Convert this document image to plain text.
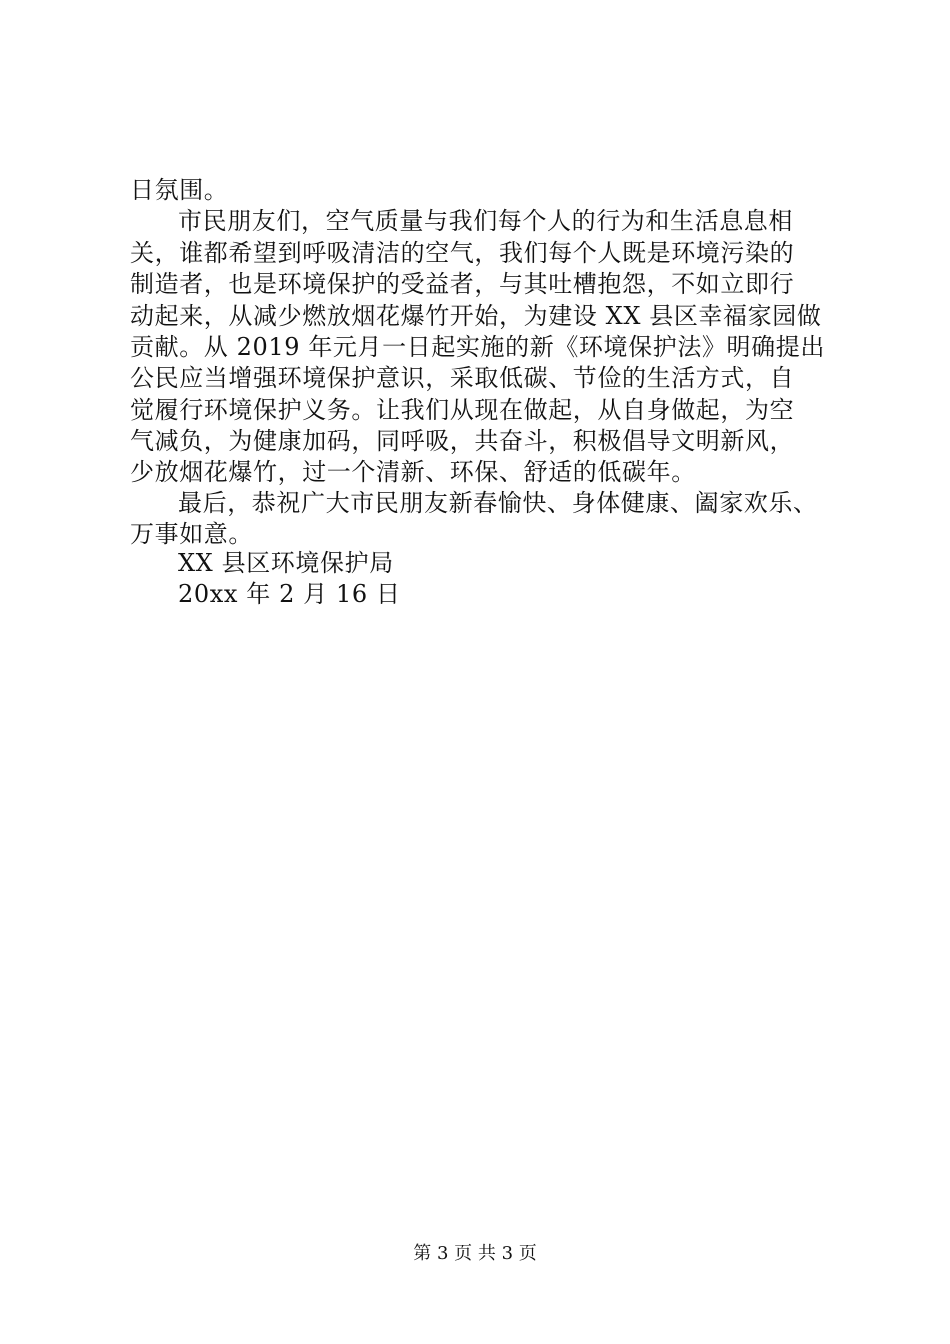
日氛围。
市民朋友们，空气质量与我们每个人的行为和生活息息相
关，谁都希望到呼吸清洁的空气，我们每个人既是环境污染的
制造者，也是环境保护的受益者，与其吐槽抱怨，不如立即行
动起来，从减少燃放烟花爆竹开始，为建设 XX 县区幸福家园做
贡献。从 2019 年元月一日起实施的新《环境保护法》明确提出
公民应当增强环境保护意识，采取低碳、节俭的生活方式，自
觉履行环境保护义务。让我们从现在做起，从自身做起，为空
气减负，为健康加码，同呼吸，共奋斗，积极倡导文明新风，
少放烟花爆竹，过一个清新、环保、舒适的低碳年。
最后，恭祝广大市民朋友新春愉快、身体健康、阖家欢乐、
万事如意。
XX 县区环境保护局
20xx 年 2 月 16 日
第 3 页 共 3 页
